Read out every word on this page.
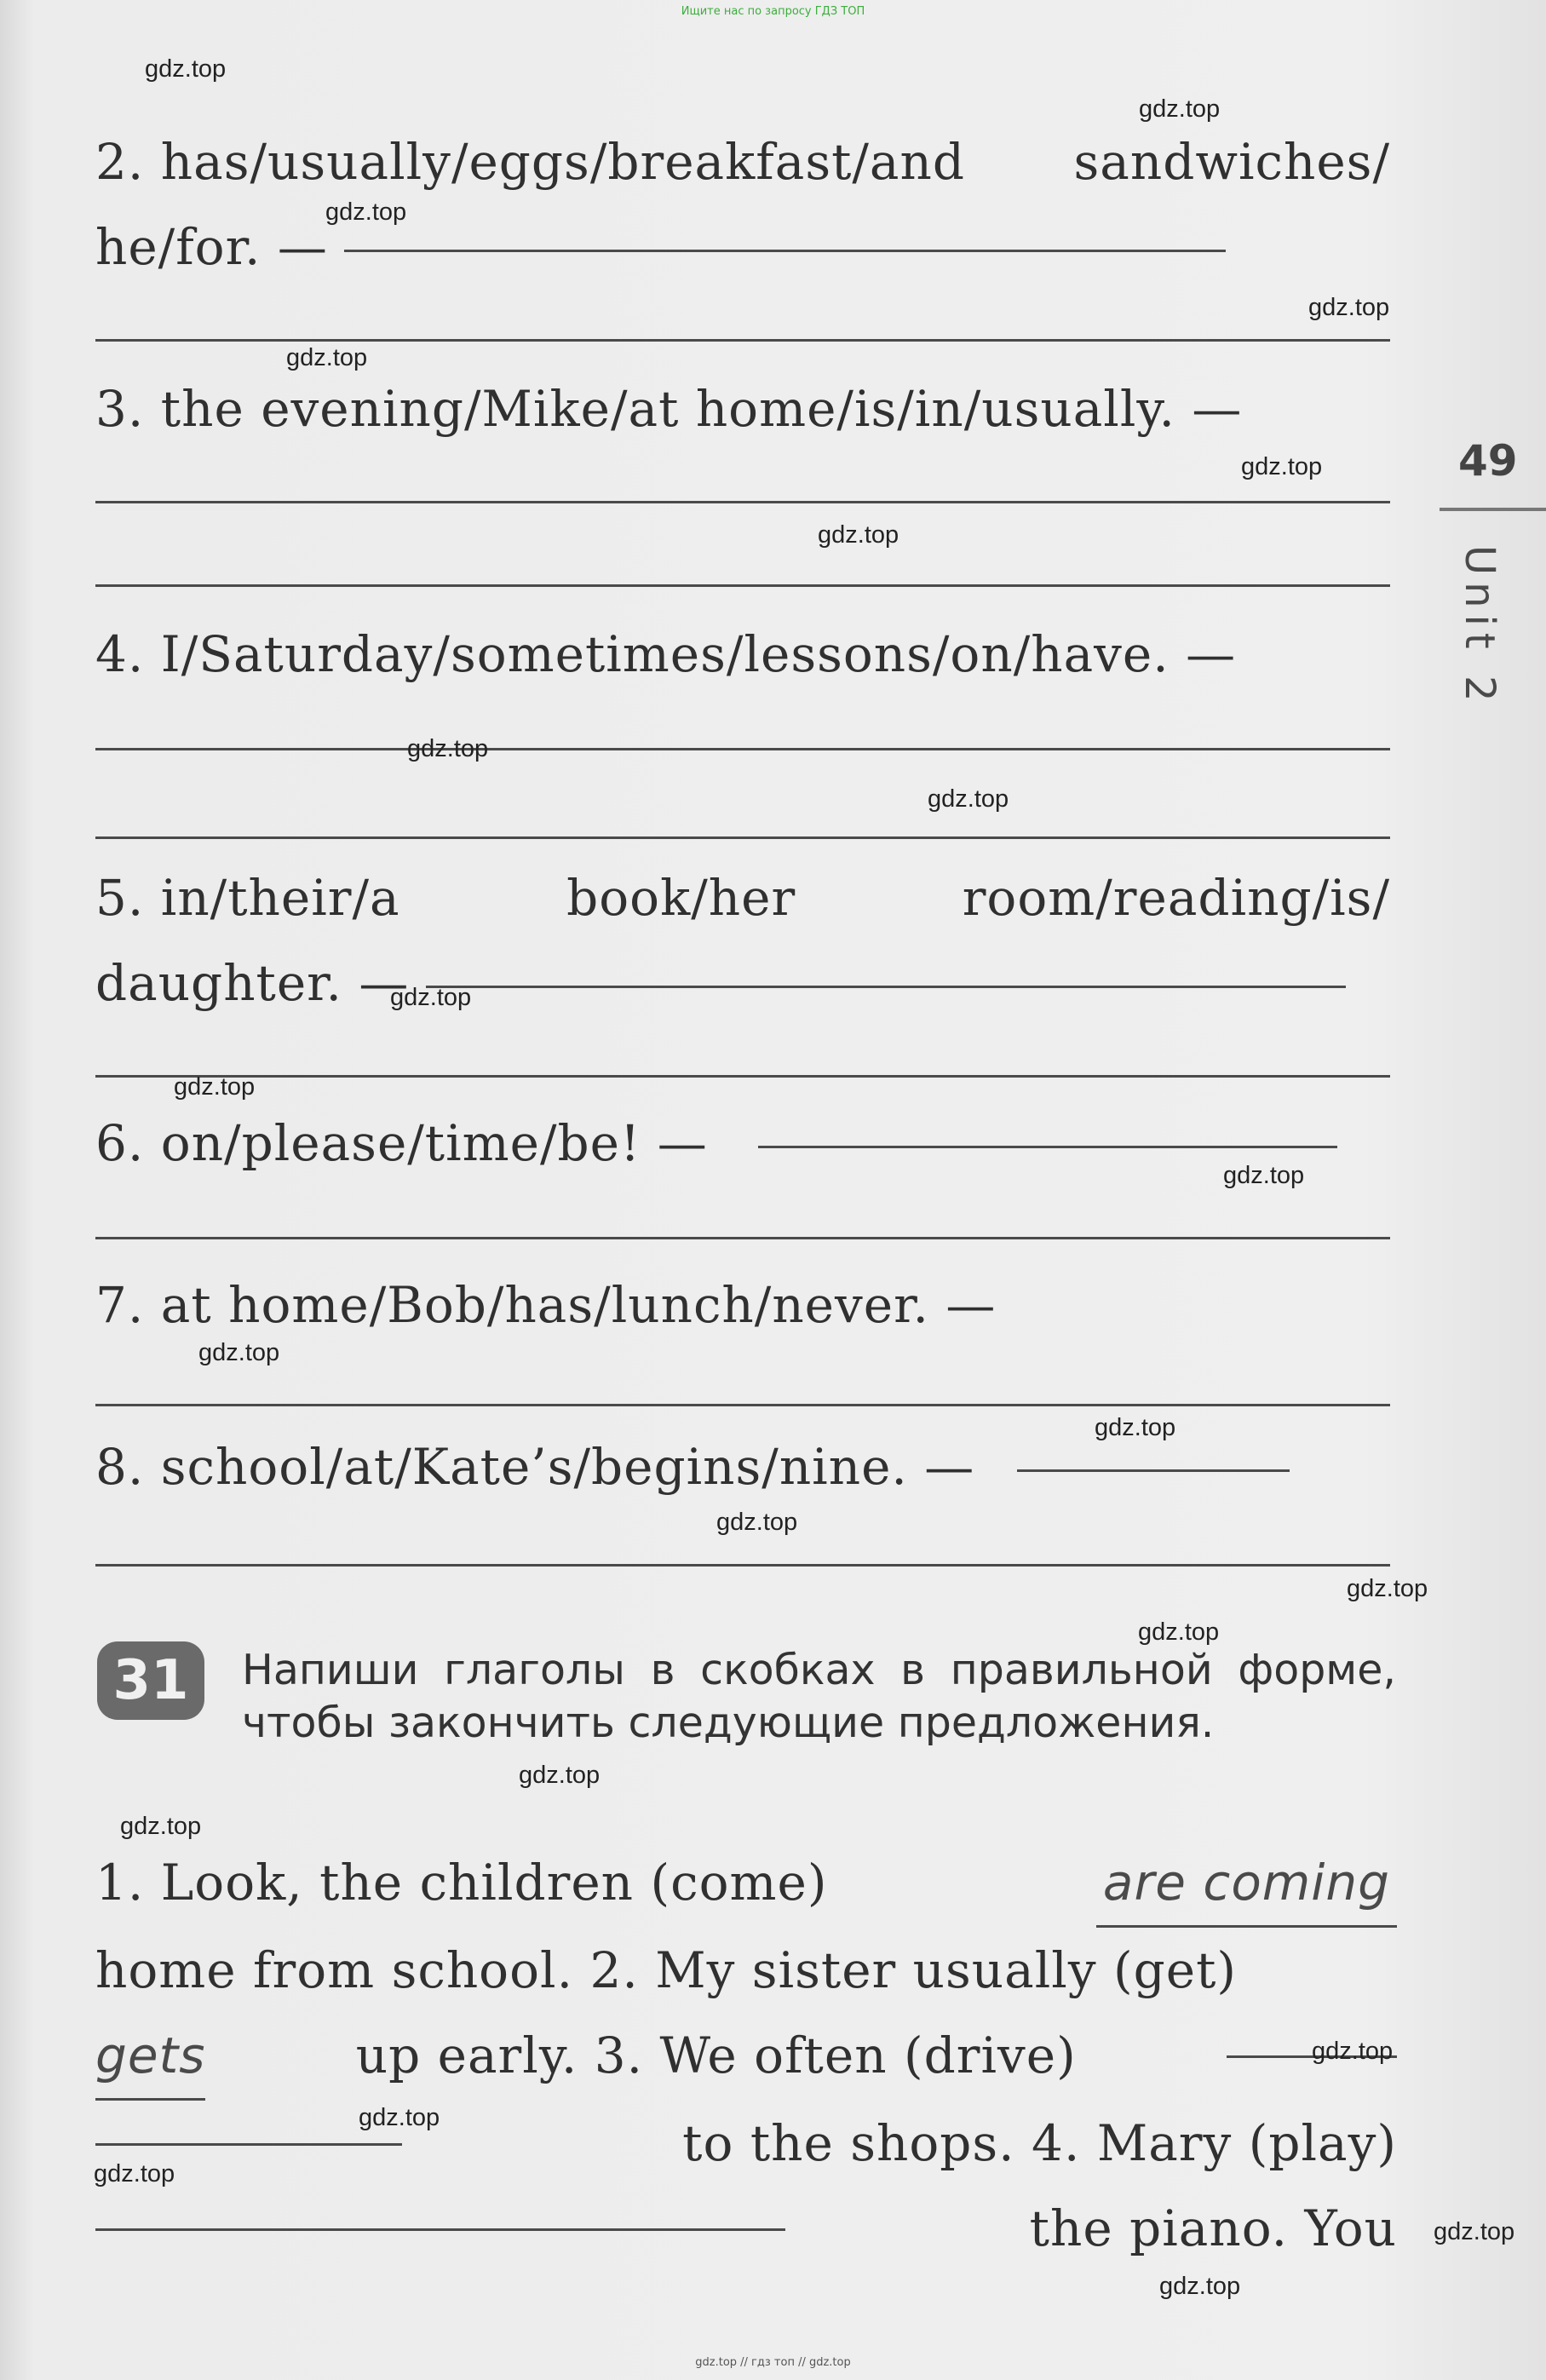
Ищите нас по запросу ГДЗ ТОП
2. has/usually/eggs/breakfast/and sandwiches/
he/for. —
3. the evening/Mike/at home/is/in/usually. —
4. I/Saturday/sometimes/lessons/on/have. —
5. in/their/a	book/her	room/reading/is/
daughter. —
6. on/please/time/be! —
7. at home/Bob/has/lunch/never. —
8. school/at/Kate’s/begins/nine. —
49
Unit 2
31	Напиши глаголы в скобках в правильной форме, чтобы закончить следующие предложения.
1. Look, the children (come)	are coming
home from school. 2. My sister usually (get)
gets	up early. 3. We often (drive)
to the shops. 4. Mary (play)
the piano. You
gdz.top
gdz.top
gdz.top
gdz.top
gdz.top
gdz.top
gdz.top
gdz.top
gdz.top
gdz.top
gdz.top
gdz.top
gdz.top
gdz.top
gdz.top
gdz.top
gdz.top
gdz.top
gdz.top
gdz.top
gdz.top
gdz.top
gdz.top
gdz.top
gdz.top // гдз топ // gdz.top
